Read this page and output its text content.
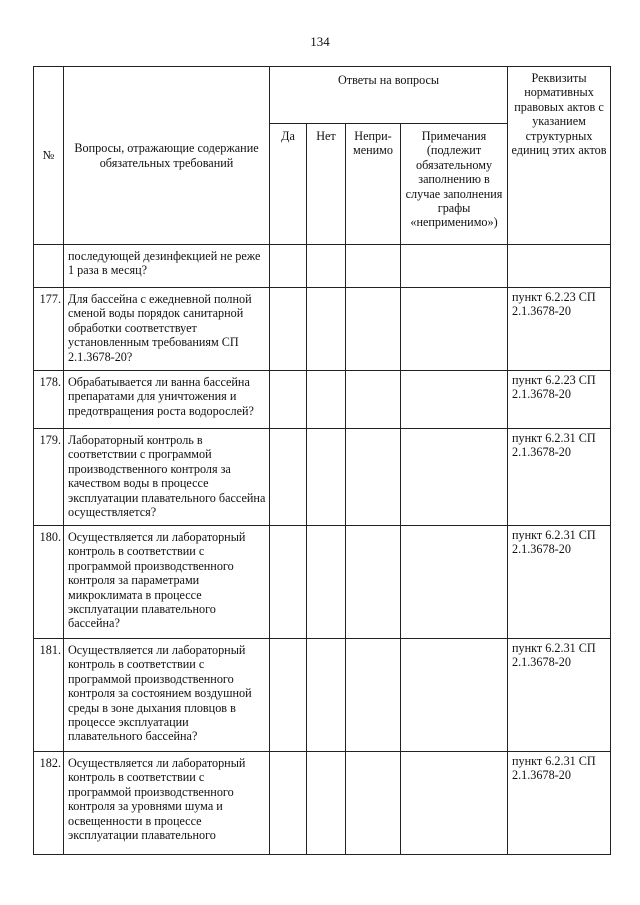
134
№	Вопросы, отражающие содержание обязательных требований	Ответы на вопросы				Реквизиты нормативных правовых актов с указанием структурных единиц этих актов
		Да	Нет	Непри-менимо	Примечания (подлежит обязательному заполнению в случае заполнения графы «неприменимо»)	
	последующей дезинфекцией не реже 1 раза в месяц?					
177.	Для бассейна с ежедневной полной сменой воды порядок санитарной обработки соответствует установленным требованиям СП 2.1.3678-20?					пункт 6.2.23 СП 2.1.3678-20
178.	Обрабатывается ли ванна бассейна препаратами для уничтожения и предотвращения роста водорослей?					пункт 6.2.23 СП 2.1.3678-20
179.	Лабораторный контроль в соответствии с программой производственного контроля за качеством воды в процессе эксплуатации плавательного бассейна осуществляется?					пункт 6.2.31 СП 2.1.3678-20
180.	Осуществляется ли лабораторный контроль в соответствии с программой производственного контроля за параметрами микроклимата в процессе эксплуатации плавательного бассейна?					пункт 6.2.31 СП 2.1.3678-20
181.	Осуществляется ли лабораторный контроль в соответствии с программой производственного контроля за состоянием воздушной среды в зоне дыхания пловцов в процессе эксплуатации плавательного бассейна?					пункт 6.2.31 СП 2.1.3678-20
182.	Осуществляется ли лабораторный контроль в соответствии с программой производственного контроля за уровнями шума и освещенности в процессе эксплуатации плавательного					пункт 6.2.31 СП 2.1.3678-20
